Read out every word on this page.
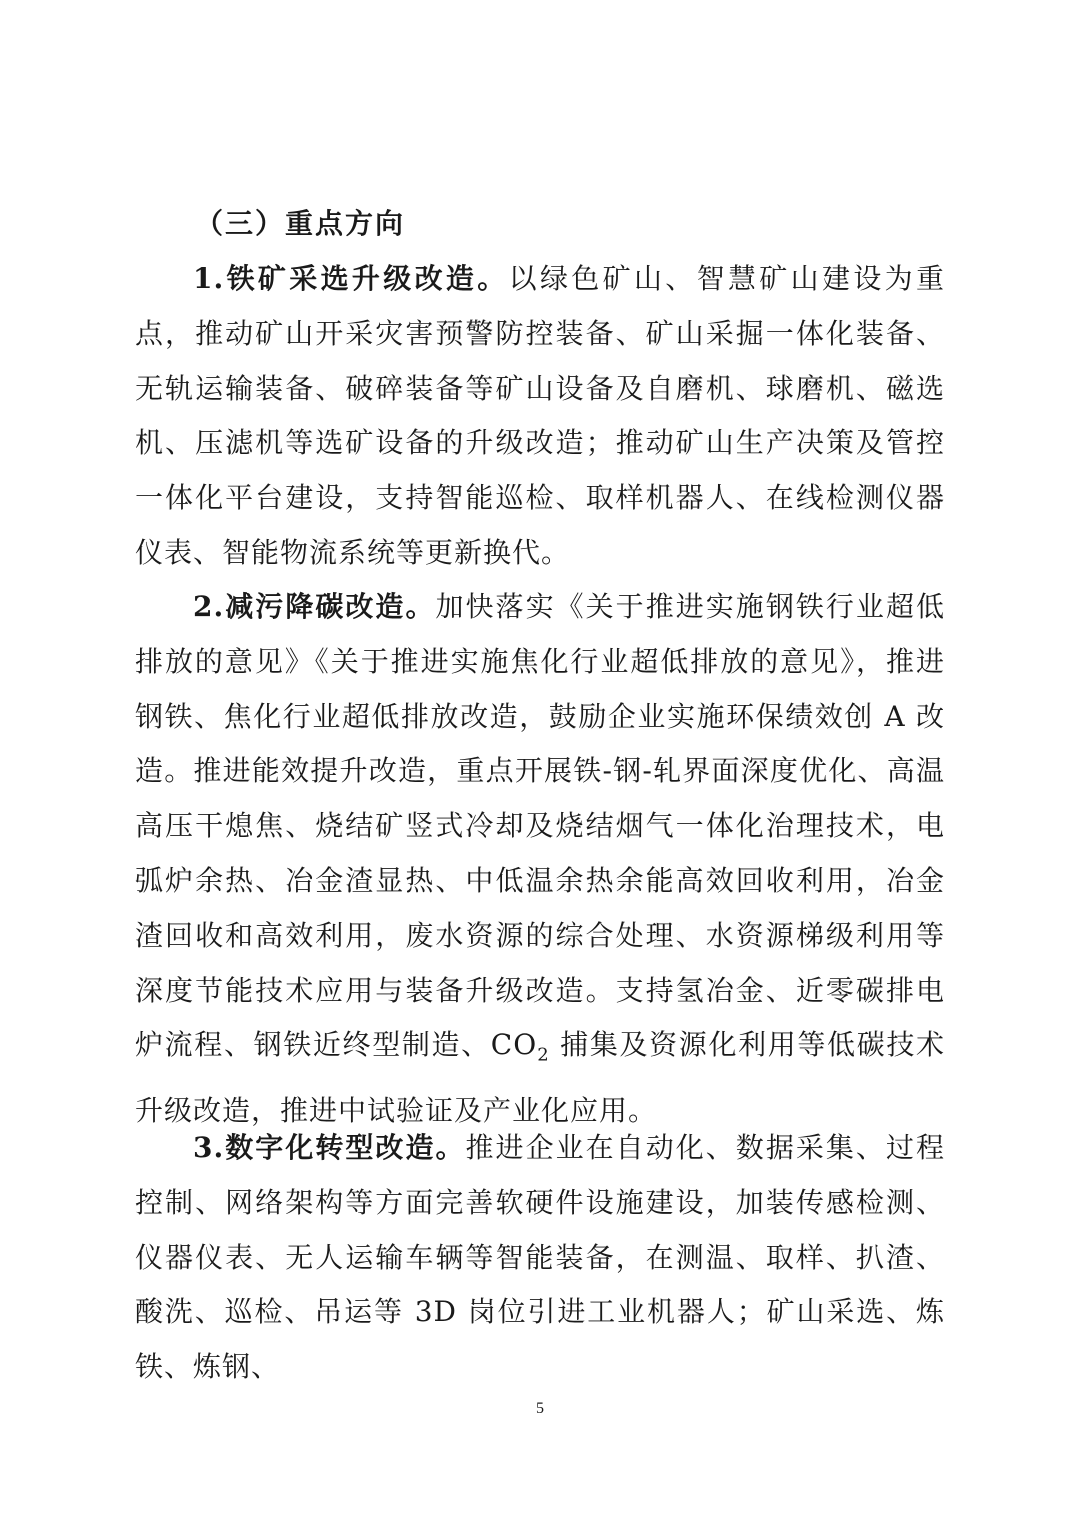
（三）重点方向

1.铁矿采选升级改造。以绿色矿山、智慧矿山建设为重点，推动矿山开采灾害预警防控装备、矿山采掘一体化装备、无轨运输装备、破碎装备等矿山设备及自磨机、球磨机、磁选机、压滤机等选矿设备的升级改造；推动矿山生产决策及管控一体化平台建设，支持智能巡检、取样机器人、在线检测仪器仪表、智能物流系统等更新换代。

2.减污降碳改造。加快落实《关于推进实施钢铁行业超低排放的意见》《关于推进实施焦化行业超低排放的意见》，推进钢铁、焦化行业超低排放改造，鼓励企业实施环保绩效创 A 改造。推进能效提升改造，重点开展铁-钢-轧界面深度优化、高温高压干熄焦、烧结矿竖式冷却及烧结烟气一体化治理技术，电弧炉余热、冶金渣显热、中低温余热余能高效回收利用，冶金渣回收和高效利用，废水资源的综合处理、水资源梯级利用等深度节能技术应用与装备升级改造。支持氢冶金、近零碳排电炉流程、钢铁近终型制造、$CO_2$ 捕集及资源化利用等低碳技术升级改造，推进中试验证及产业化应用。

3.数字化转型改造。推进企业在自动化、数据采集、过程控制、网络架构等方面完善软硬件设施建设，加装传感检测、仪器仪表、无人运输车辆等智能装备，在测温、取样、扒渣、酸洗、巡检、吊运等 3D 岗位引进工业机器人；矿山采选、炼铁、炼钢、

5
